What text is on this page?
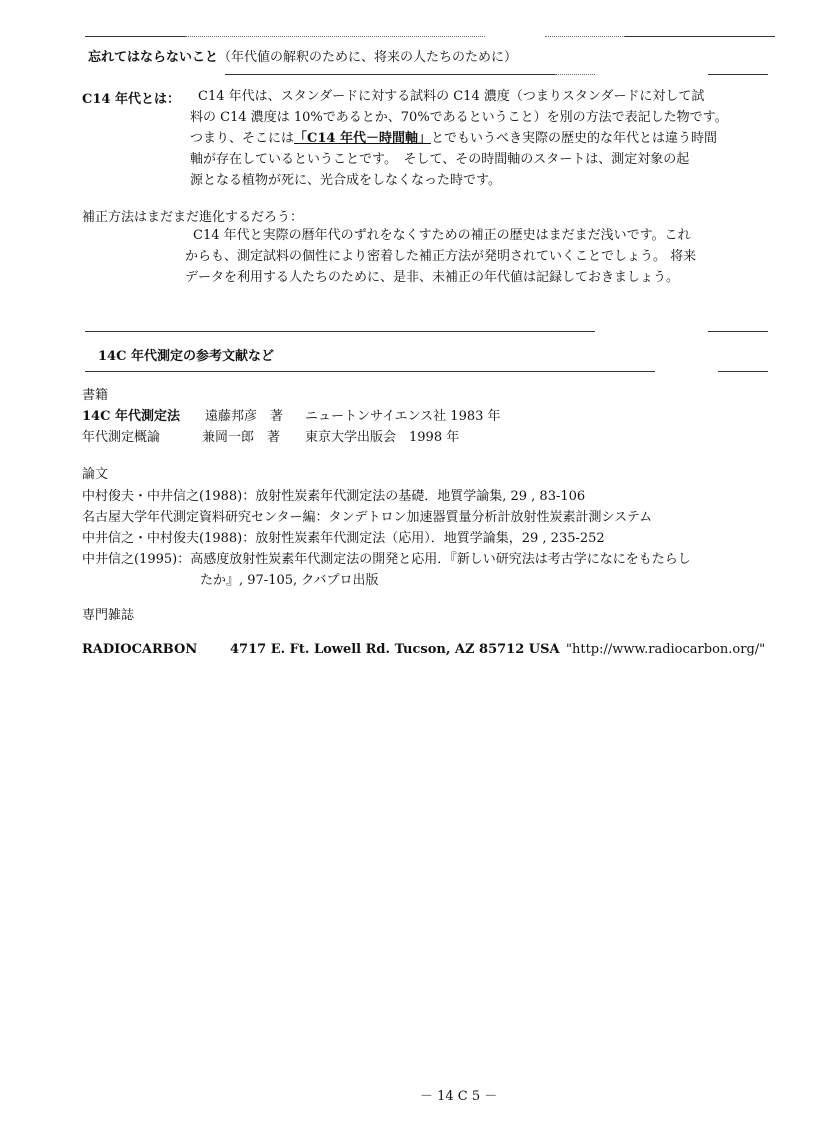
忘れてはならないこと（年代値の解釈のために、将来の人たちのために）
C14 年代とは： C14 年代は、スタンダードに対する試料の C14 濃度（つまりスタンダードに対して試
料の C14 濃度は 10%であるとか、70%であるということ）を別の方法で表記した物です。
つまり、そこには「C14 年代－時間軸」とでもいうべき実際の歴史的な年代とは違う時間
軸が存在しているということです。　そして、その時間軸のスタートは、測定対象の起
源となる植物が死に、光合成をしなくなった時です。
補正方法はまだまだ進化するだろう：
C14 年代と実際の暦年代のずれをなくすための補正の歴史はまだまだ浅いです。これ
からも、測定試料の個性により密着した補正方法が発明されていくことでしょう。 将来
データを利用する人たちのために、是非、未補正の年代値は記録しておきましょう。
14C 年代測定の参考文献など
書籍
14C 年代測定法 遠藤邦彦　著 ニュートンサイエンス社 1983 年
年代測定概論	兼岡一郎　著 東京大学出版会　1998 年
論文
中村俊夫・中井信之(1988)：放射性炭素年代測定法の基礎．地質学論集, 29 , 83-106
名古屋大学年代測定資料研究センター編：タンデトロン加速器質量分析計放射性炭素計測システム
中井信之・中村俊夫(1988)：放射性炭素年代測定法（応用）．地質学論集，29 , 235-252
中井信之(1995)：高感度放射性炭素年代測定法の開発と応用．『新しい研究法は考古学になにをもたらし
たか』, 97-105, クバプロ出版
専門雑誌
RADIOCARBON	4717 E. Ft. Lowell Rd. Tucson, AZ 85712 USA "http://www.radiocarbon.org/"
－ 14 C 5 －
